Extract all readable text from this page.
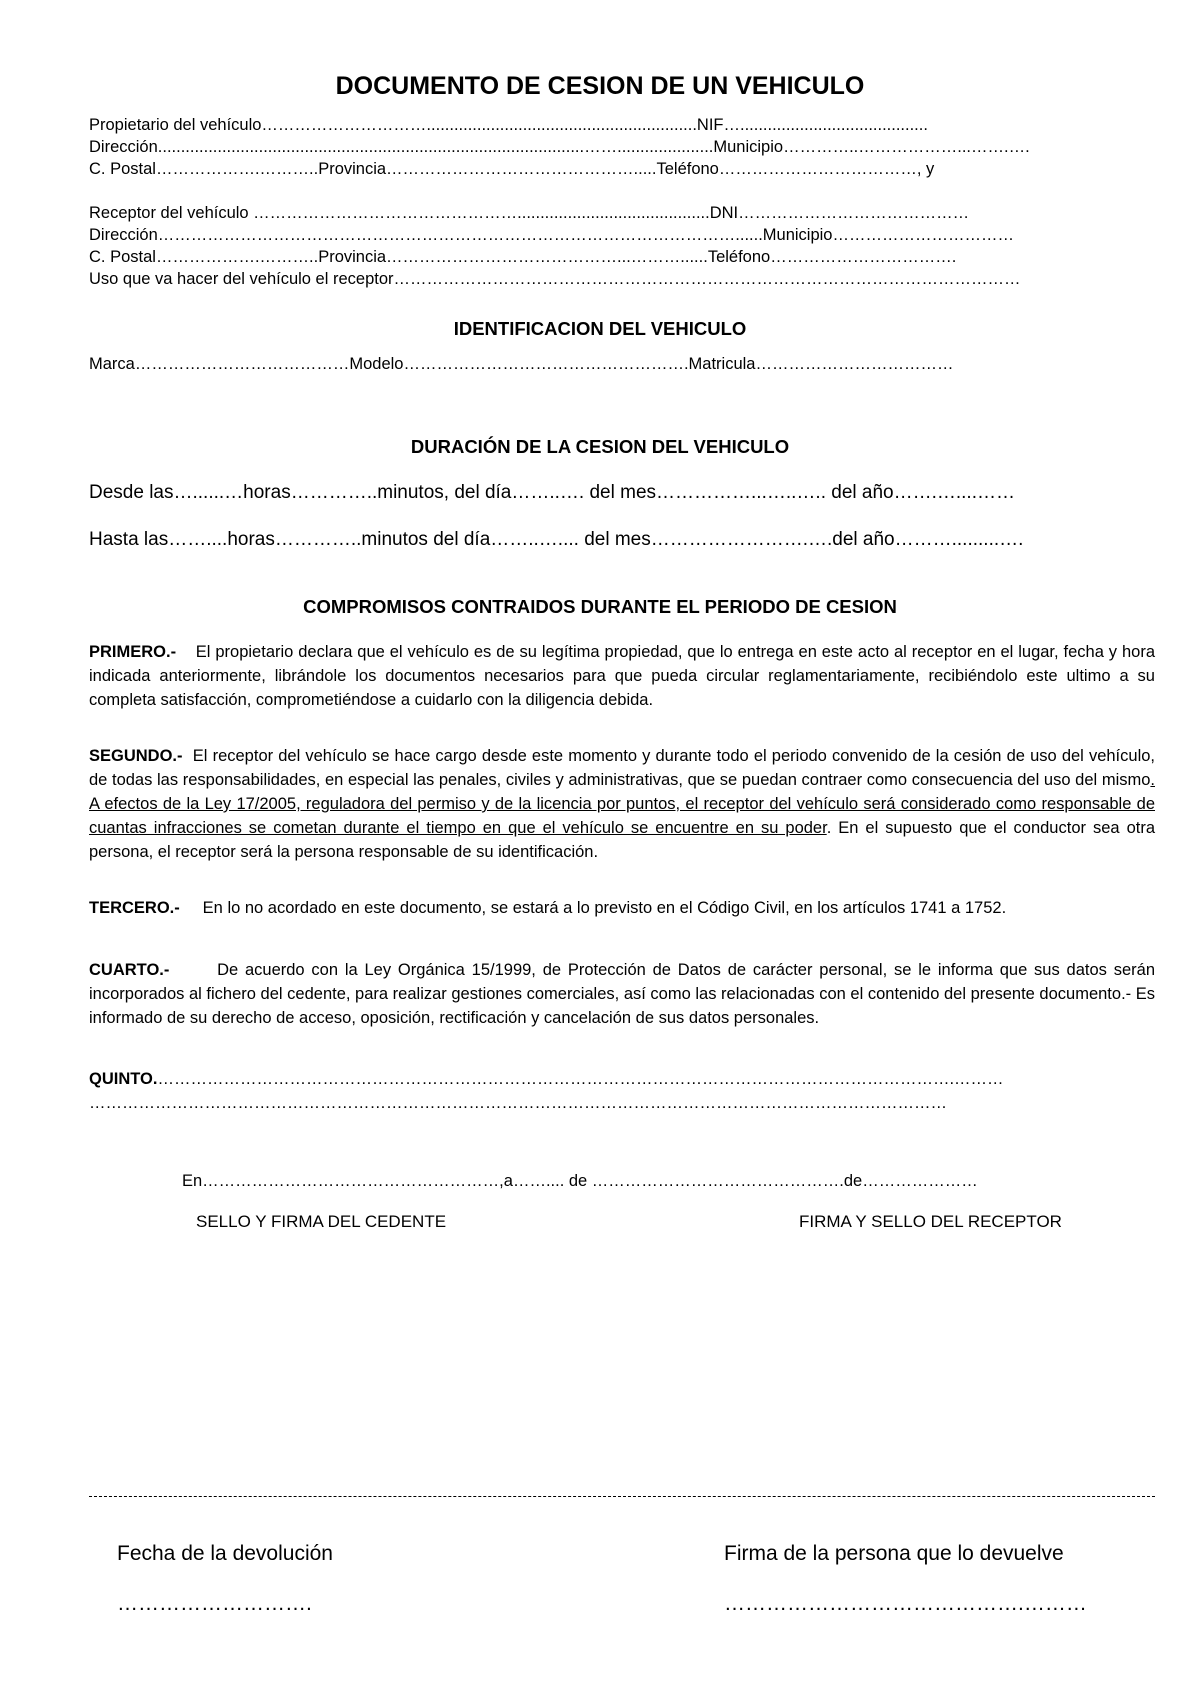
DOCUMENTO DE CESION DE UN VEHICULO
Propietario del vehículo…………………………...........................................................NIF….........................................
Dirección.............................................................................................…….....................Municipio…………..………………...…….….
C. Postal……………….………..Provincia……………………………………….....Teléfono………………………………, y
Receptor del vehículo …………………………………………..........................................DNI……………………………………
Dirección……………………………………………………………………………………………......Municipio……………………………
C. Postal……………….………..Provincia……………………………………...………......Teléfono…………………………….
Uso que va hacer del vehículo el receptor……………………………………………………………………………………………………
IDENTIFICACION DEL VEHICULO
Marca…………………………………Modelo…………………………………………….Matricula………………………………
DURACIÓN DE LA CESION DEL VEHICULO
Desde las…......…horas…………..minutos, del día……..…. del mes……………...…..….. del año…….…....……
Hasta las……....horas…………..minutos del día……..….... del mes…………………….….del año……….........….
COMPROMISOS CONTRAIDOS DURANTE EL PERIODO DE CESION
PRIMERO.- El propietario declara que el vehículo es de su legítima propiedad, que lo entrega en este acto al receptor en el lugar, fecha y hora indicada anteriormente, librándole los documentos necesarios para que pueda circular reglamentariamente, recibiéndolo este ultimo a su completa satisfacción, comprometiéndose a cuidarlo con la diligencia debida.
SEGUNDO.- El receptor del vehículo se hace cargo desde este momento y durante todo el periodo convenido de la cesión de uso del vehículo, de todas las responsabilidades, en especial las penales, civiles y administrativas, que se puedan contraer como consecuencia del uso del mismo. A efectos de la Ley 17/2005, reguladora del permiso y de la licencia por puntos, el receptor del vehículo será considerado como responsable de cuantas infracciones se cometan durante el tiempo en que el vehículo se encuentre en su poder. En el supuesto que el conductor sea otra persona, el receptor será la persona responsable de su identificación.
TERCERO.- En lo no acordado en este documento, se estará a lo previsto en el Código Civil, en los artículos 1741 a 1752.
CUARTO.-	De acuerdo con la Ley Orgánica 15/1999, de Protección de Datos de carácter personal, se le informa que sus datos serán incorporados al fichero del cedente, para realizar gestiones comerciales, así como las relacionadas con el contenido del presente documento.- Es informado de su derecho de acceso, oposición, rectificación y cancelación de sus datos personales.
QUINTO.……………………………………………………………………………………………………………………………….………
…………………………………………………………………………………………………………………………………………
En………………………………………………,a…….... de ……………………………………….de…………………
SELLO Y FIRMA DEL CEDENTE	FIRMA Y SELLO DEL RECEPTOR
Fecha de la devolución	Firma de la persona que lo devuelve
……………………….	…………………………………….………
